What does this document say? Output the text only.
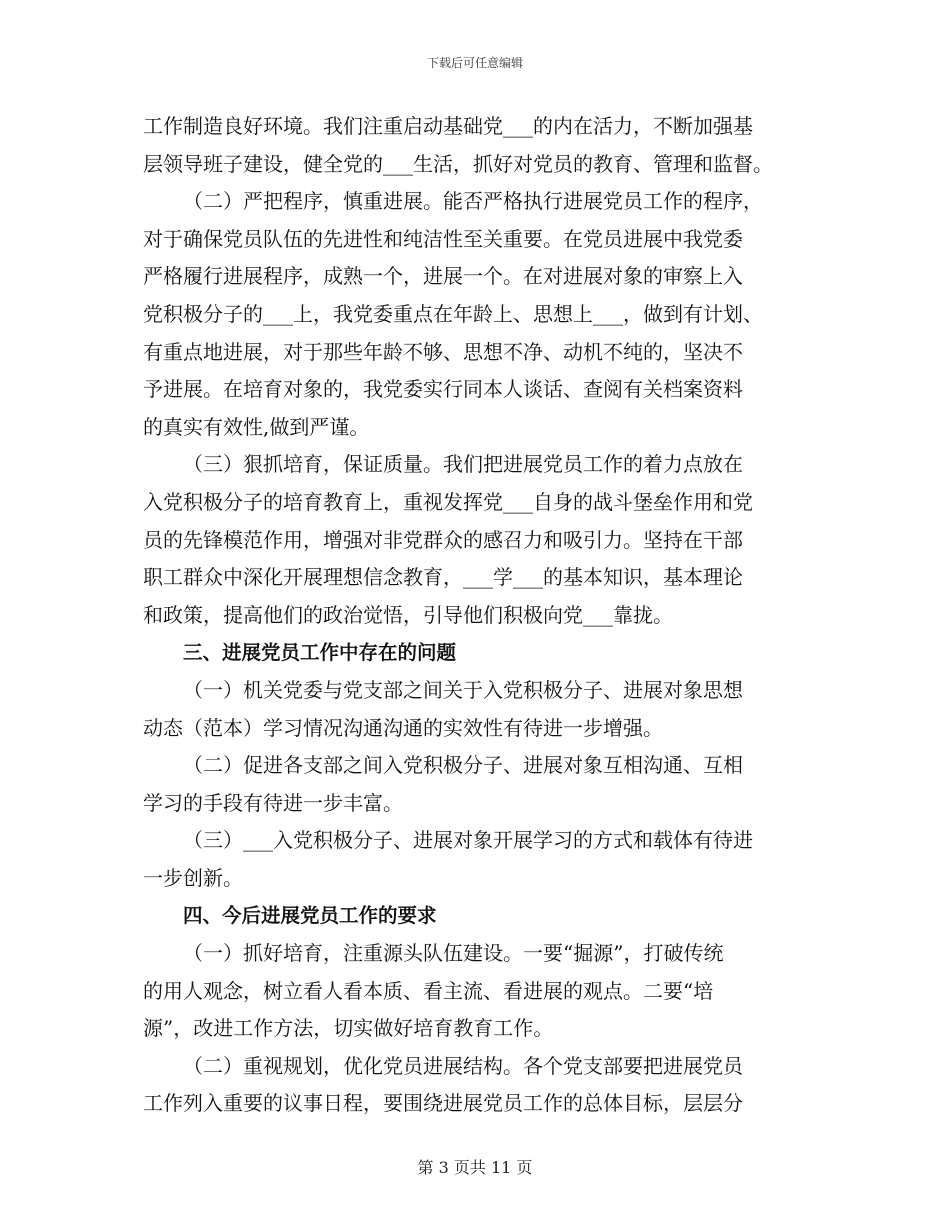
下载后可任意编辑
工作制造良好环境。我们注重启动基础党___的内在活力，不断加强基
层领导班子建设，健全党的___生活，抓好对党员的教育、管理和监督。
（二）严把程序，慎重进展。能否严格执行进展党员工作的程序，
对于确保党员队伍的先进性和纯洁性至关重要。在党员进展中我党委
严格履行进展程序，成熟一个，进展一个。在对进展对象的审察上入
党积极分子的___上，我党委重点在年龄上、思想上___，做到有计划、
有重点地进展，对于那些年龄不够、思想不净、动机不纯的，坚决不
予进展。在培育对象的，我党委实行同本人谈话、查阅有关档案资料
的真实有效性,做到严谨。
（三）狠抓培育，保证质量。我们把进展党员工作的着力点放在
入党积极分子的培育教育上，重视发挥党___自身的战斗堡垒作用和党
员的先锋模范作用，增强对非党群众的感召力和吸引力。坚持在干部
职工群众中深化开展理想信念教育，___学___的基本知识，基本理论
和政策，提高他们的政治觉悟，引导他们积极向党___靠拢。
三、进展党员工作中存在的问题
（一）机关党委与党支部之间关于入党积极分子、进展对象思想
动态（范本）学习情况沟通沟通的实效性有待进一步增强。
（二）促进各支部之间入党积极分子、进展对象互相沟通、互相
学习的手段有待进一步丰富。
（三）___入党积极分子、进展对象开展学习的方式和载体有待进
一步创新。
四、今后进展党员工作的要求
（一）抓好培育，注重源头队伍建设。一要“掘源”，打破传统
的用人观念，树立看人看本质、看主流、看进展的观点。二要“培
源”，改进工作方法，切实做好培育教育工作。
（二）重视规划，优化党员进展结构。各个党支部要把进展党员
工作列入重要的议事日程，要围绕进展党员工作的总体目标，层层分
第 3 页共 11 页
